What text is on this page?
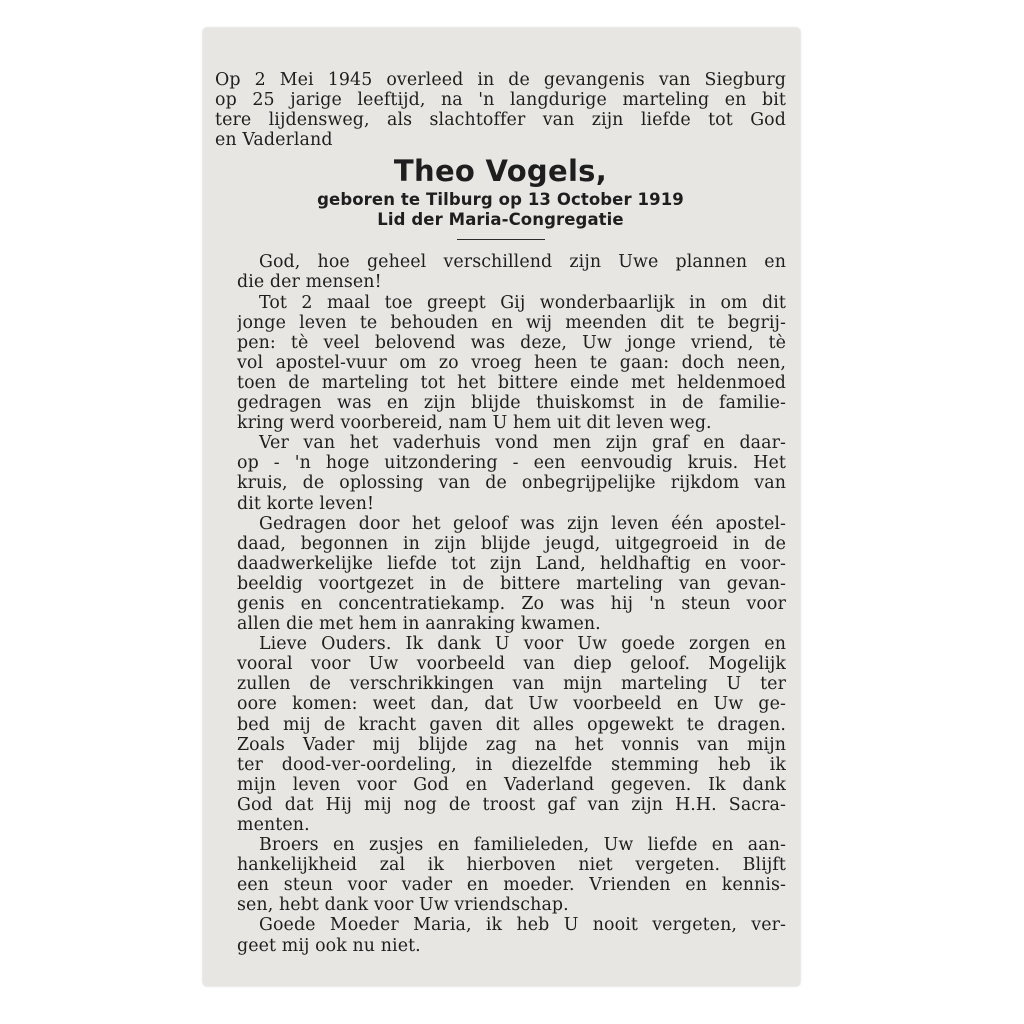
Op 2 Mei 1945 overleed in de gevangenis van Siegburg
op 25 jarige leeftijd, na 'n langdurige marteling en bit
tere lijdensweg, als slachtoffer van zijn liefde tot God
en Vaderland
Theo Vogels,
geboren te Tilburg op 13 October 1919
Lid der Maria-Congregatie
God, hoe geheel verschillend zijn Uwe plannen en
die der mensen!
Tot 2 maal toe greept Gij wonderbaarlijk in om dit
jonge leven te behouden en wij meenden dit te begrij-
pen: tè veel belovend was deze, Uw jonge vriend, tè
vol apostel-vuur om zo vroeg heen te gaan: doch neen,
toen de marteling tot het bittere einde met heldenmoed
gedragen was en zijn blijde thuiskomst in de familie-
kring werd voorbereid, nam U hem uit dit leven weg.
Ver van het vaderhuis vond men zijn graf en daar-
op - 'n hoge uitzondering - een eenvoudig kruis. Het
kruis, de oplossing van de onbegrijpelijke rijkdom van
dit korte leven!
Gedragen door het geloof was zijn leven één apostel-
daad, begonnen in zijn blijde jeugd, uitgegroeid in de
daadwerkelijke liefde tot zijn Land, heldhaftig en voor-
beeldig voortgezet in de bittere marteling van gevan-
genis en concentratiekamp. Zo was hij 'n steun voor
allen die met hem in aanraking kwamen.
Lieve Ouders. Ik dank U voor Uw goede zorgen en
vooral voor Uw voorbeeld van diep geloof. Mogelijk
zullen de verschrikkingen van mijn marteling U ter
oore komen: weet dan, dat Uw voorbeeld en Uw ge-
bed mij de kracht gaven dit alles opgewekt te dragen.
Zoals Vader mij blijde zag na het vonnis van mijn
ter dood-ver-oordeling, in diezelfde stemming heb ik
mijn leven voor God en Vaderland gegeven. Ik dank
God dat Hij mij nog de troost gaf van zijn H.H. Sacra-
menten.
Broers en zusjes en familieleden, Uw liefde en aan-
hankelijkheid zal ik hierboven niet vergeten. Blijft
een steun voor vader en moeder. Vrienden en kennis-
sen, hebt dank voor Uw vriendschap.
Goede Moeder Maria, ik heb U nooit vergeten, ver-
geet mij ook nu niet.
